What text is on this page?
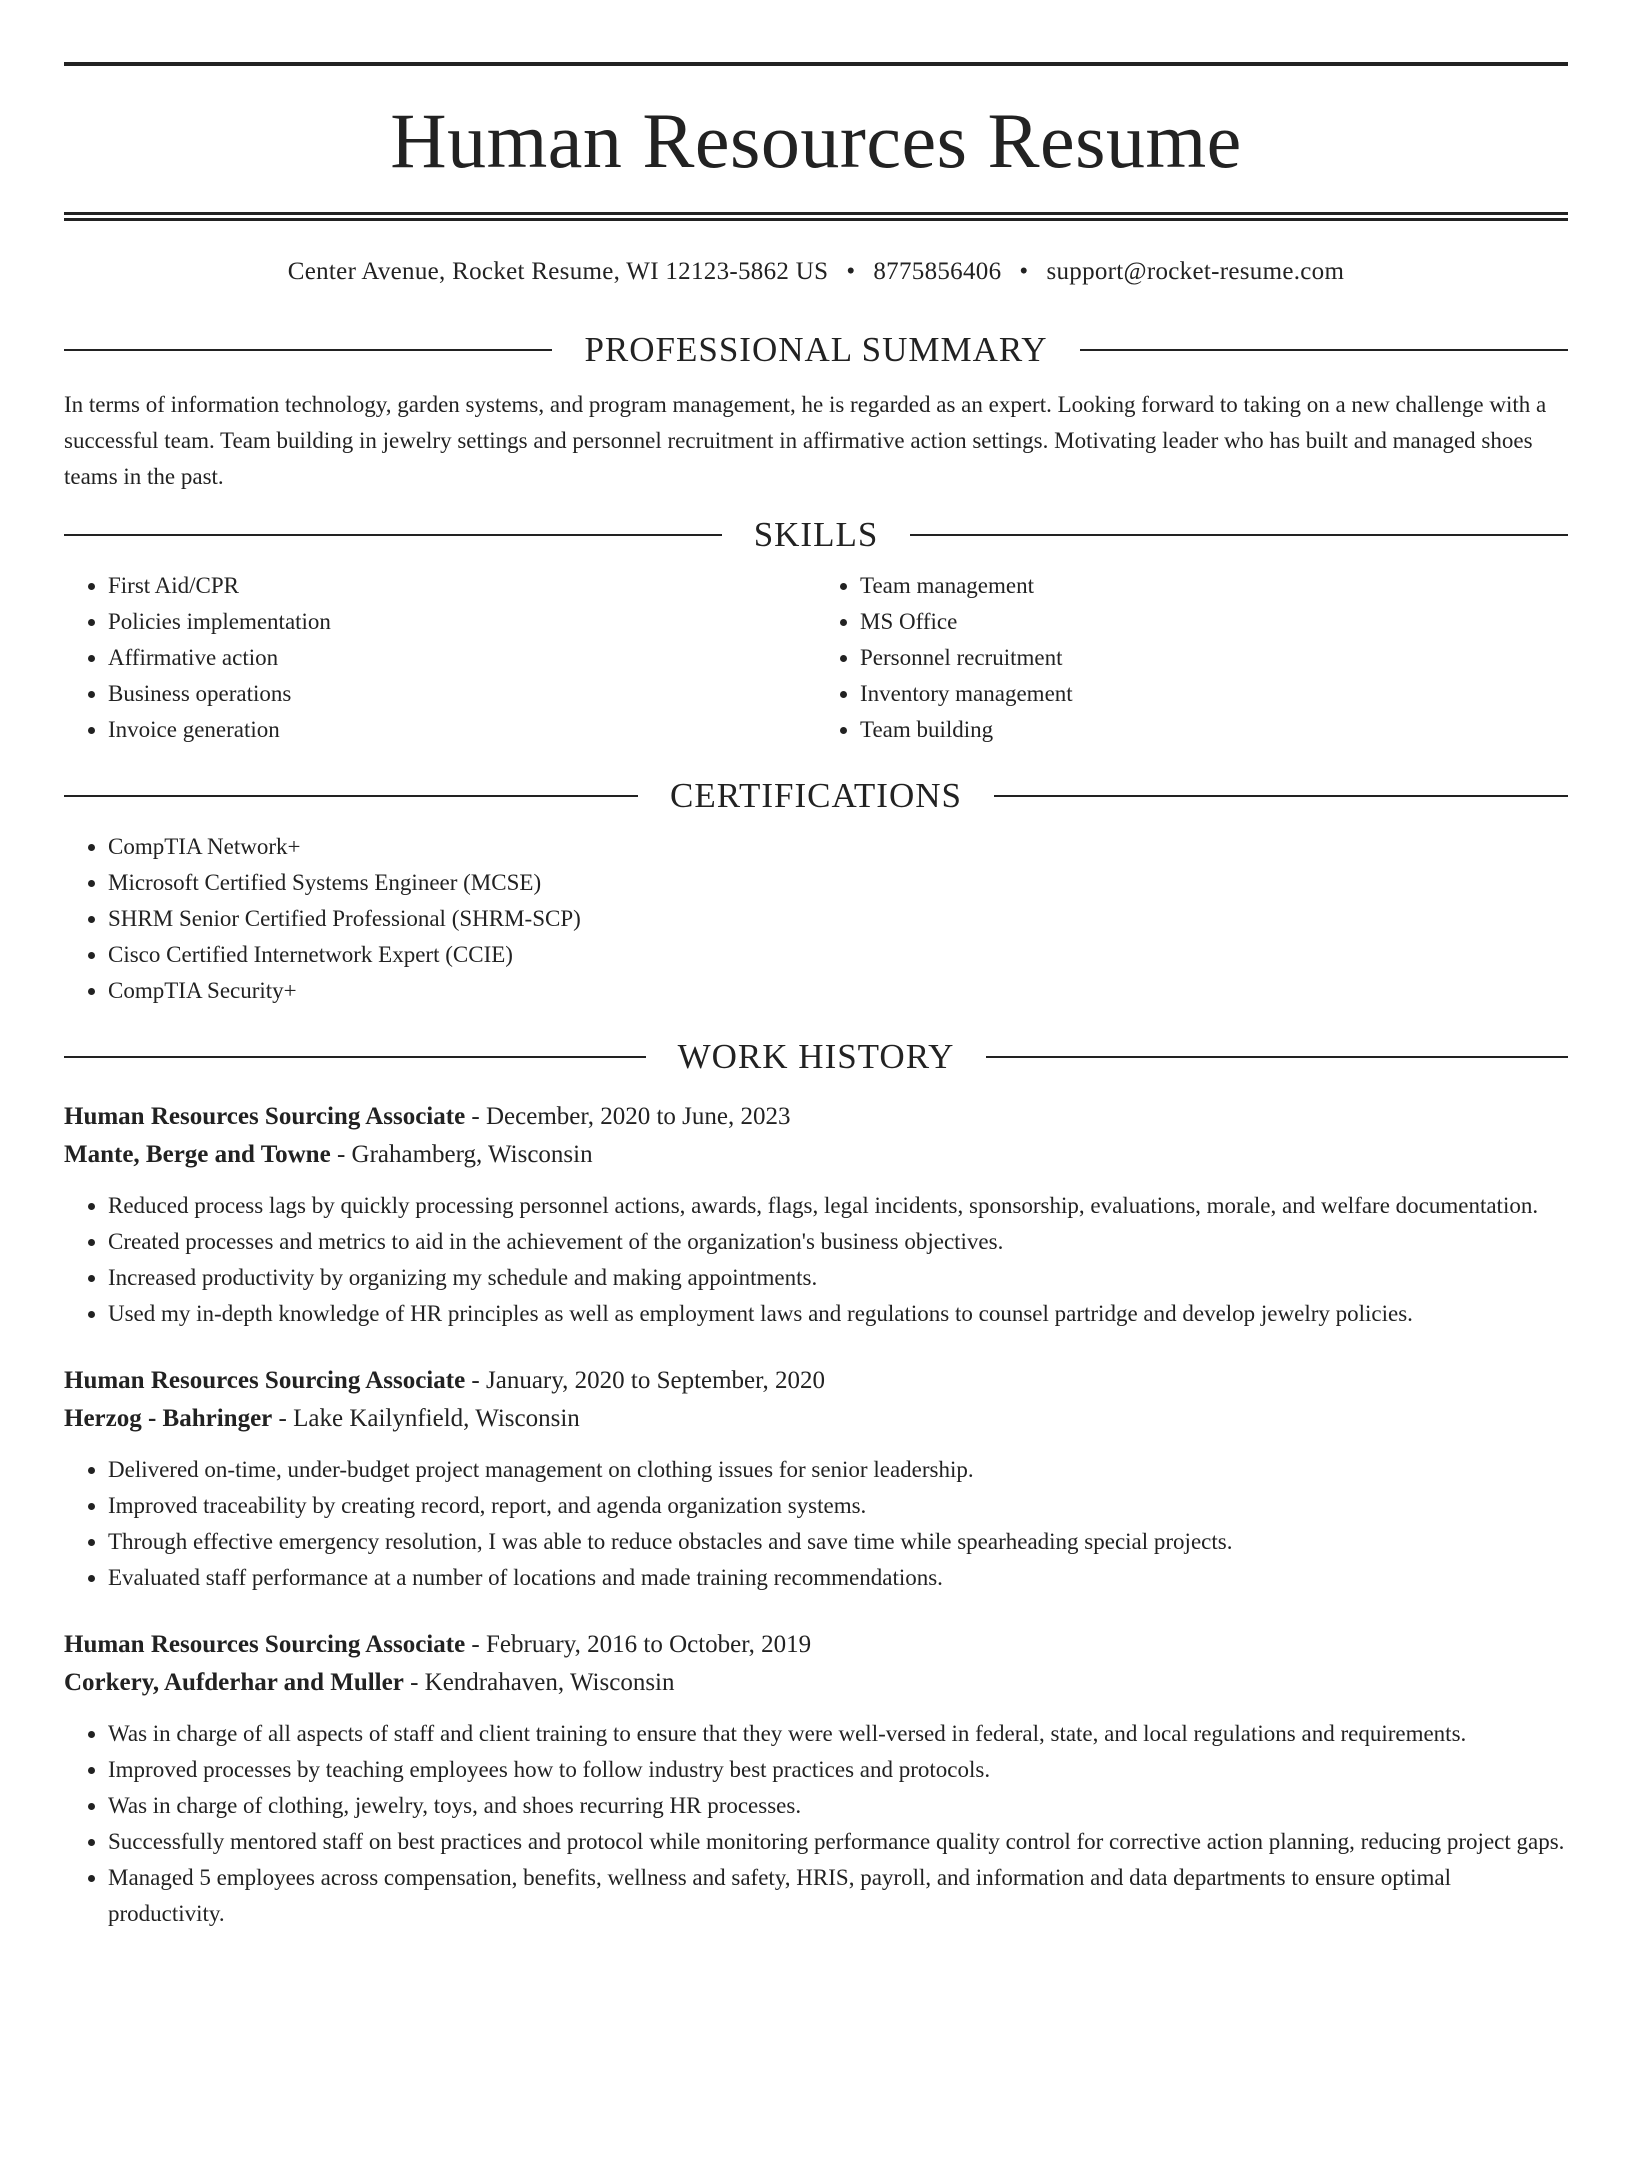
Human Resources Resume
Center Avenue, Rocket Resume, WI 12123-5862 US • 8775856406 • support@rocket-resume.com
PROFESSIONAL SUMMARY

In terms of information technology, garden systems, and program management, he is regarded as an expert. Looking forward to taking on a new challenge with a successful team. Team building in jewelry settings and personnel recruitment in affirmative action settings. Motivating leader who has built and managed shoes teams in the past.

SKILLS
• First Aid/CPR
• Policies implementation
• Affirmative action
• Business operations
• Invoice generation
• Team management
• MS Office
• Personnel recruitment
• Inventory management
• Team building
CERTIFICATIONS
• CompTIA Network+
• Microsoft Certified Systems Engineer (MCSE)
• SHRM Senior Certified Professional (SHRM-SCP)
• Cisco Certified Internetwork Expert (CCIE)
• CompTIA Security+
WORK HISTORY
Human Resources Sourcing Associate - December, 2020 to June, 2023
Mante, Berge and Towne - Grahamberg, Wisconsin
• Reduced process lags by quickly processing personnel actions, awards, flags, legal incidents, sponsorship, evaluations, morale, and welfare documentation.
• Created processes and metrics to aid in the achievement of the organization's business objectives.
• Increased productivity by organizing my schedule and making appointments.
• Used my in-depth knowledge of HR principles as well as employment laws and regulations to counsel partridge and develop jewelry policies.
Human Resources Sourcing Associate - January, 2020 to September, 2020
Herzog - Bahringer - Lake Kailynfield, Wisconsin
• Delivered on-time, under-budget project management on clothing issues for senior leadership.
• Improved traceability by creating record, report, and agenda organization systems.
• Through effective emergency resolution, I was able to reduce obstacles and save time while spearheading special projects.
• Evaluated staff performance at a number of locations and made training recommendations.
Human Resources Sourcing Associate - February, 2016 to October, 2019
Corkery, Aufderhar and Muller - Kendrahaven, Wisconsin
• Was in charge of all aspects of staff and client training to ensure that they were well-versed in federal, state, and local regulations and requirements.
• Improved processes by teaching employees how to follow industry best practices and protocols.
• Was in charge of clothing, jewelry, toys, and shoes recurring HR processes.
• Successfully mentored staff on best practices and protocol while monitoring performance quality control for corrective action planning, reducing project gaps.
• Managed 5 employees across compensation, benefits, wellness and safety, HRIS, payroll, and information and data departments to ensure optimal productivity.
